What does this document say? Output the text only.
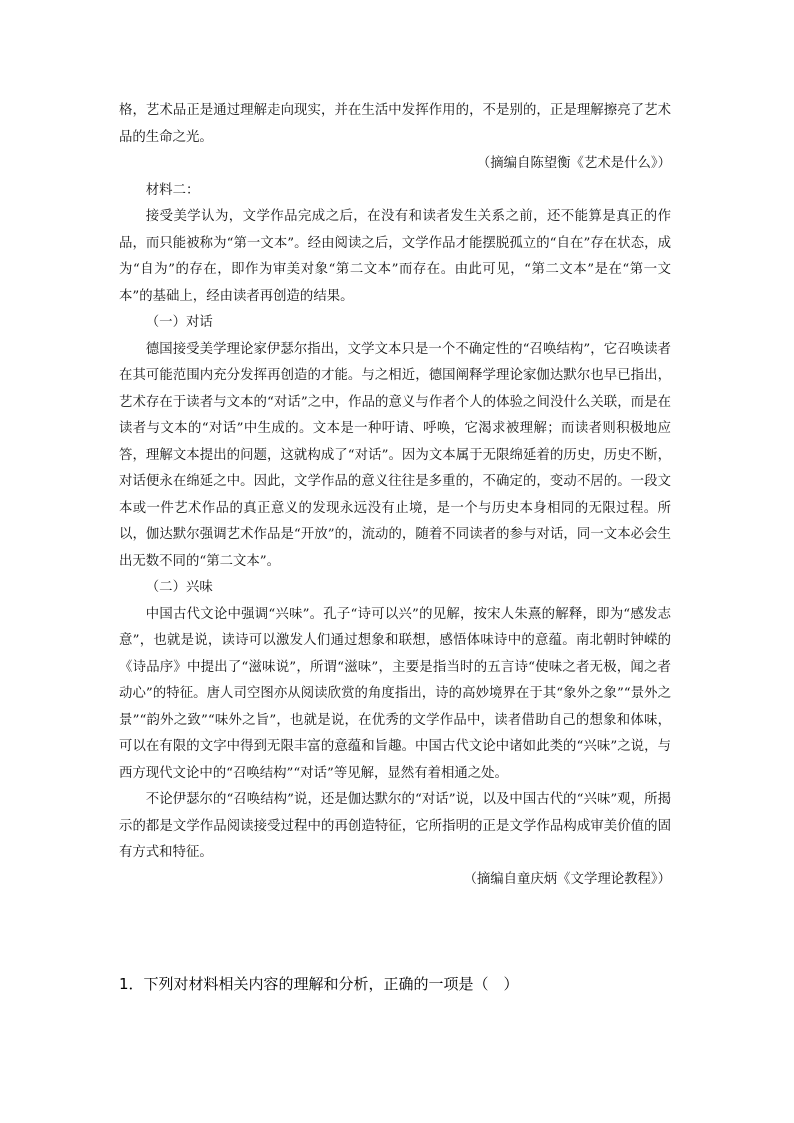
格，艺术品正是通过理解走向现实，并在生活中发挥作用的，不是别的，正是理解擦亮了艺术品的生命之光。

（摘编自陈望衡《艺术是什么》）

材料二：

接受美学认为，文学作品完成之后，在没有和读者发生关系之前，还不能算是真正的作品，而只能被称为“第一文本”。经由阅读之后，文学作品才能摆脱孤立的“自在”存在状态，成为“自为”的存在，即作为审美对象“第二文本”而存在。由此可见，“第二文本”是在“第一文本”的基础上，经由读者再创造的结果。

（一）对话

德国接受美学理论家伊瑟尔指出，文学文本只是一个不确定性的“召唤结构”，它召唤读者在其可能范围内充分发挥再创造的才能。与之相近，德国阐释学理论家伽达默尔也早已指出，艺术存在于读者与文本的“对话”之中，作品的意义与作者个人的体验之间没什么关联，而是在读者与文本的“对话”中生成的。文本是一种吁请、呼唤，它渴求被理解；而读者则积极地应答，理解文本提出的问题，这就构成了“对话”。因为文本属于无限绵延着的历史，历史不断，对话便永在绵延之中。因此，文学作品的意义往往是多重的，不确定的，变动不居的。一段文本或一件艺术作品的真正意义的发现永远没有止境，是一个与历史本身相同的无限过程。所以，伽达默尔强调艺术作品是“开放”的，流动的，随着不同读者的参与对话，同一文本必会生出无数不同的“第二文本”。

（二）兴味

中国古代文论中强调“兴味”。孔子“诗可以兴”的见解，按宋人朱熹的解释，即为“感发志意”，也就是说，读诗可以激发人们通过想象和联想，感悟体味诗中的意蕴。南北朝时钟嵘的《诗品序》中提出了“滋味说”，所谓“滋味”，主要是指当时的五言诗“使味之者无极，闻之者动心”的特征。唐人司空图亦从阅读欣赏的角度指出，诗的高妙境界在于其“象外之象”“景外之景”“韵外之致”“味外之旨”，也就是说，在优秀的文学作品中，读者借助自己的想象和体味，可以在有限的文字中得到无限丰富的意蕴和旨趣。中国古代文论中诸如此类的“兴味”之说，与西方现代文论中的“召唤结构”“对话”等见解，显然有着相通之处。

不论伊瑟尔的“召唤结构”说，还是伽达默尔的“对话”说，以及中国古代的“兴味”观，所揭示的都是文学作品阅读接受过程中的再创造特征，它所指明的正是文学作品构成审美价值的固有方式和特征。

（摘编自童庆炳《文学理论教程》）

1．下列对材料相关内容的理解和分析，正确的一项是（　）
